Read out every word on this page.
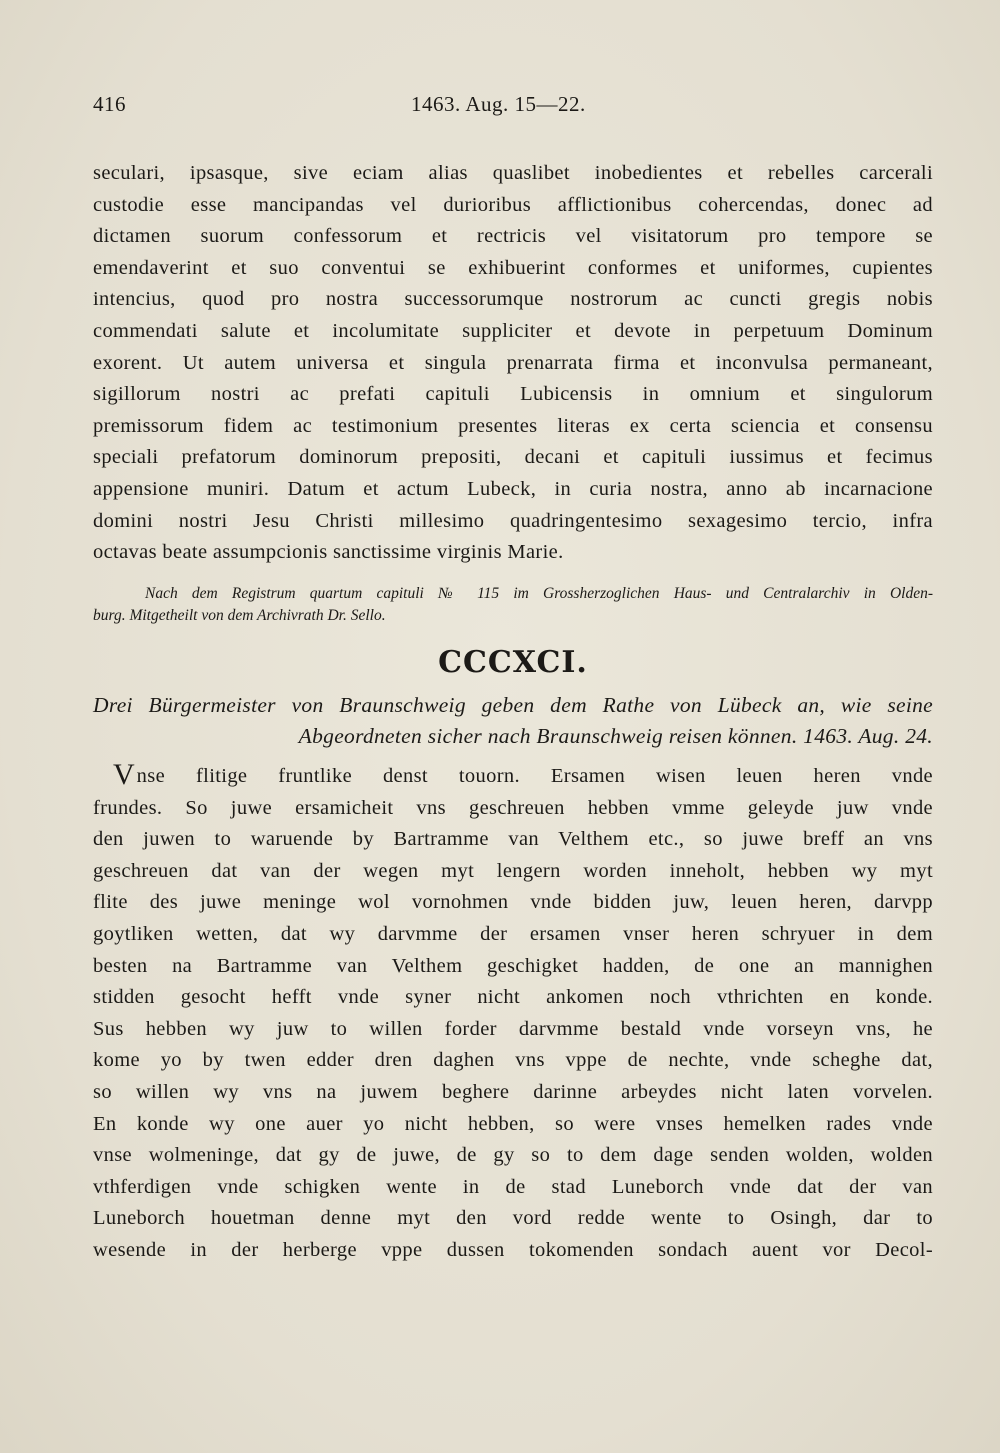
416	1463. Aug. 15—22.
seculari, ipsasque, sive eciam alias quaslibet inobedientes et rebelles carcerali
custodie esse mancipandas vel durioribus afflictionibus cohercendas, donec ad
dictamen suorum confessorum et rectricis vel visitatorum pro tempore se
emendaverint et suo conventui se exhibuerint conformes et uniformes, cupientes
intencius, quod pro nostra successorumque nostrorum ac cuncti gregis nobis
commendati salute et incolumitate suppliciter et devote in perpetuum Dominum
exorent. Ut autem universa et singula prenarrata firma et inconvulsa permaneant,
sigillorum nostri ac prefati capituli Lubicensis in omnium et singulorum
premissorum fidem ac testimonium presentes literas ex certa sciencia et consensu
speciali prefatorum dominorum prepositi, decani et capituli iussimus et fecimus
appensione muniri. Datum et actum Lubeck, in curia nostra, anno ab incarnacione
domini nostri Jesu Christi millesimo quadringentesimo sexagesimo tercio, infra
octavas beate assumpcionis sanctissime virginis Marie.
Nach dem Registrum quartum capituli № 115 im Grossherzoglichen Haus- und Centralarchiv in Olden-
burg. Mitgetheilt von dem Archivrath Dr. Sello.
CCCXCI.
Drei Bürgermeister von Braunschweig geben dem Rathe von Lübeck an, wie seine
Abgeordneten sicher nach Braunschweig reisen können. 1463. Aug. 24.
Vnse flitige fruntlike denst touorn. Ersamen wisen leuen heren vnde
frundes. So juwe ersamicheit vns geschreuen hebben vmme geleyde juw vnde
den juwen to waruende by Bartramme van Velthem etc., so juwe breff an vns
geschreuen dat van der wegen myt lengern worden inneholt, hebben wy myt
flite des juwe meninge wol vornohmen vnde bidden juw, leuen heren, darvpp
goytliken wetten, dat wy darvmme der ersamen vnser heren schryuer in dem
besten na Bartramme van Velthem geschigket hadden, de one an mannighen
stidden gesocht hefft vnde syner nicht ankomen noch vthrichten en konde.
Sus hebben wy juw to willen forder darvmme bestald vnde vorseyn vns, he
kome yo by twen edder dren daghen vns vppe de nechte, vnde scheghe dat,
so willen wy vns na juwem beghere darinne arbeydes nicht laten vorvelen.
En konde wy one auer yo nicht hebben, so were vnses hemelken rades vnde
vnse wolmeninge, dat gy de juwe, de gy so to dem dage senden wolden, wolden
vthferdigen vnde schigken wente in de stad Luneborch vnde dat der van
Luneborch houetman denne myt den vord redde wente to Osingh, dar to
wesende in der herberge vppe dussen tokomenden sondach auent vor Decol-
